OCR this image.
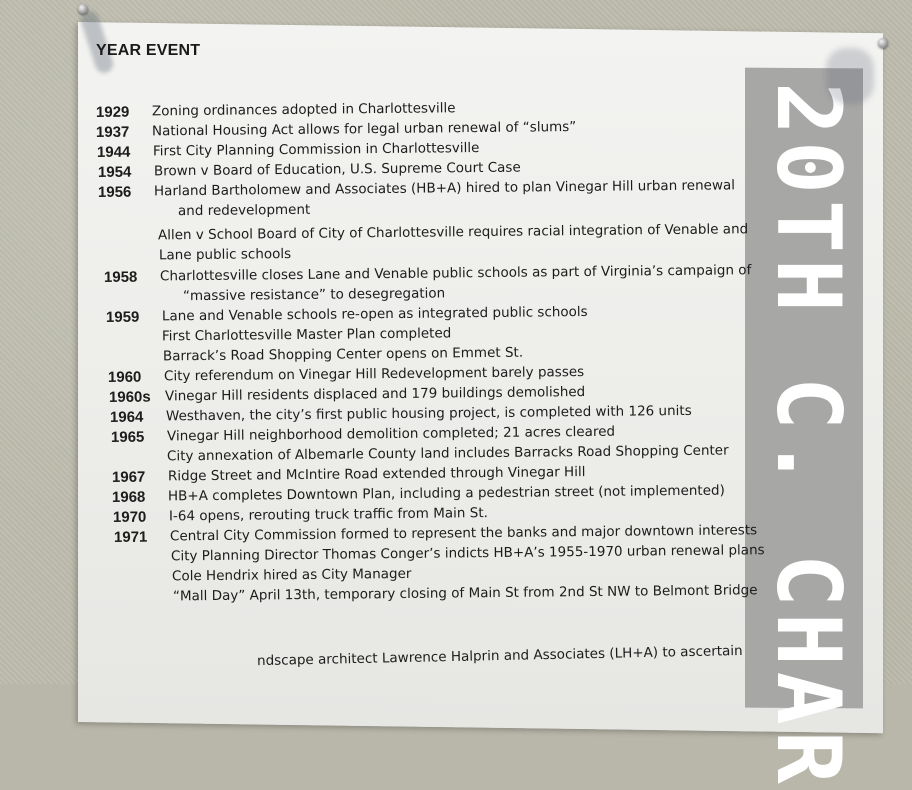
20TH C. CHAR
YEAR EVENT
1929	Zoning ordinances adopted in Charlottesville
1937	National Housing Act allows for legal urban renewal of “slums”
1944	First City Planning Commission in Charlottesville
1954	Brown v Board of Education, U.S. Supreme Court Case
1956	Harland Bartholomew and Associates (HB+A) hired to plan Vinegar Hill urban renewal
and redevelopment
Allen v School Board of City of Charlottesville requires racial integration of Venable and
Lane public schools
1958	Charlottesville closes Lane and Venable public schools as part of Virginia’s campaign of
“massive resistance” to desegregation
1959	Lane and Venable schools re-open as integrated public schools
First Charlottesville Master Plan completed
Barrack’s Road Shopping Center opens on Emmet St.
1960	City referendum on Vinegar Hill Redevelopment barely passes
1960s	Vinegar Hill residents displaced and 179 buildings demolished
1964	Westhaven, the city’s first public housing project, is completed with 126 units
1965	Vinegar Hill neighborhood demolition completed; 21 acres cleared
City annexation of Albemarle County land includes Barracks Road Shopping Center
1967	Ridge Street and McIntire Road extended through Vinegar Hill
1968	HB+A completes Downtown Plan, including a pedestrian street (not implemented)
1970	I-64 opens, rerouting truck traffic from Main St.
1971	Central City Commission formed to represent the banks and major downtown interests
City Planning Director Thomas Conger’s indicts HB+A’s 1955-1970 urban renewal plans
Cole Hendrix hired as City Manager
“Mall Day” April 13th, temporary closing of Main St from 2nd St NW to Belmont Bridge
ndscape architect Lawrence Halprin and Associates (LH+A) to ascertain
